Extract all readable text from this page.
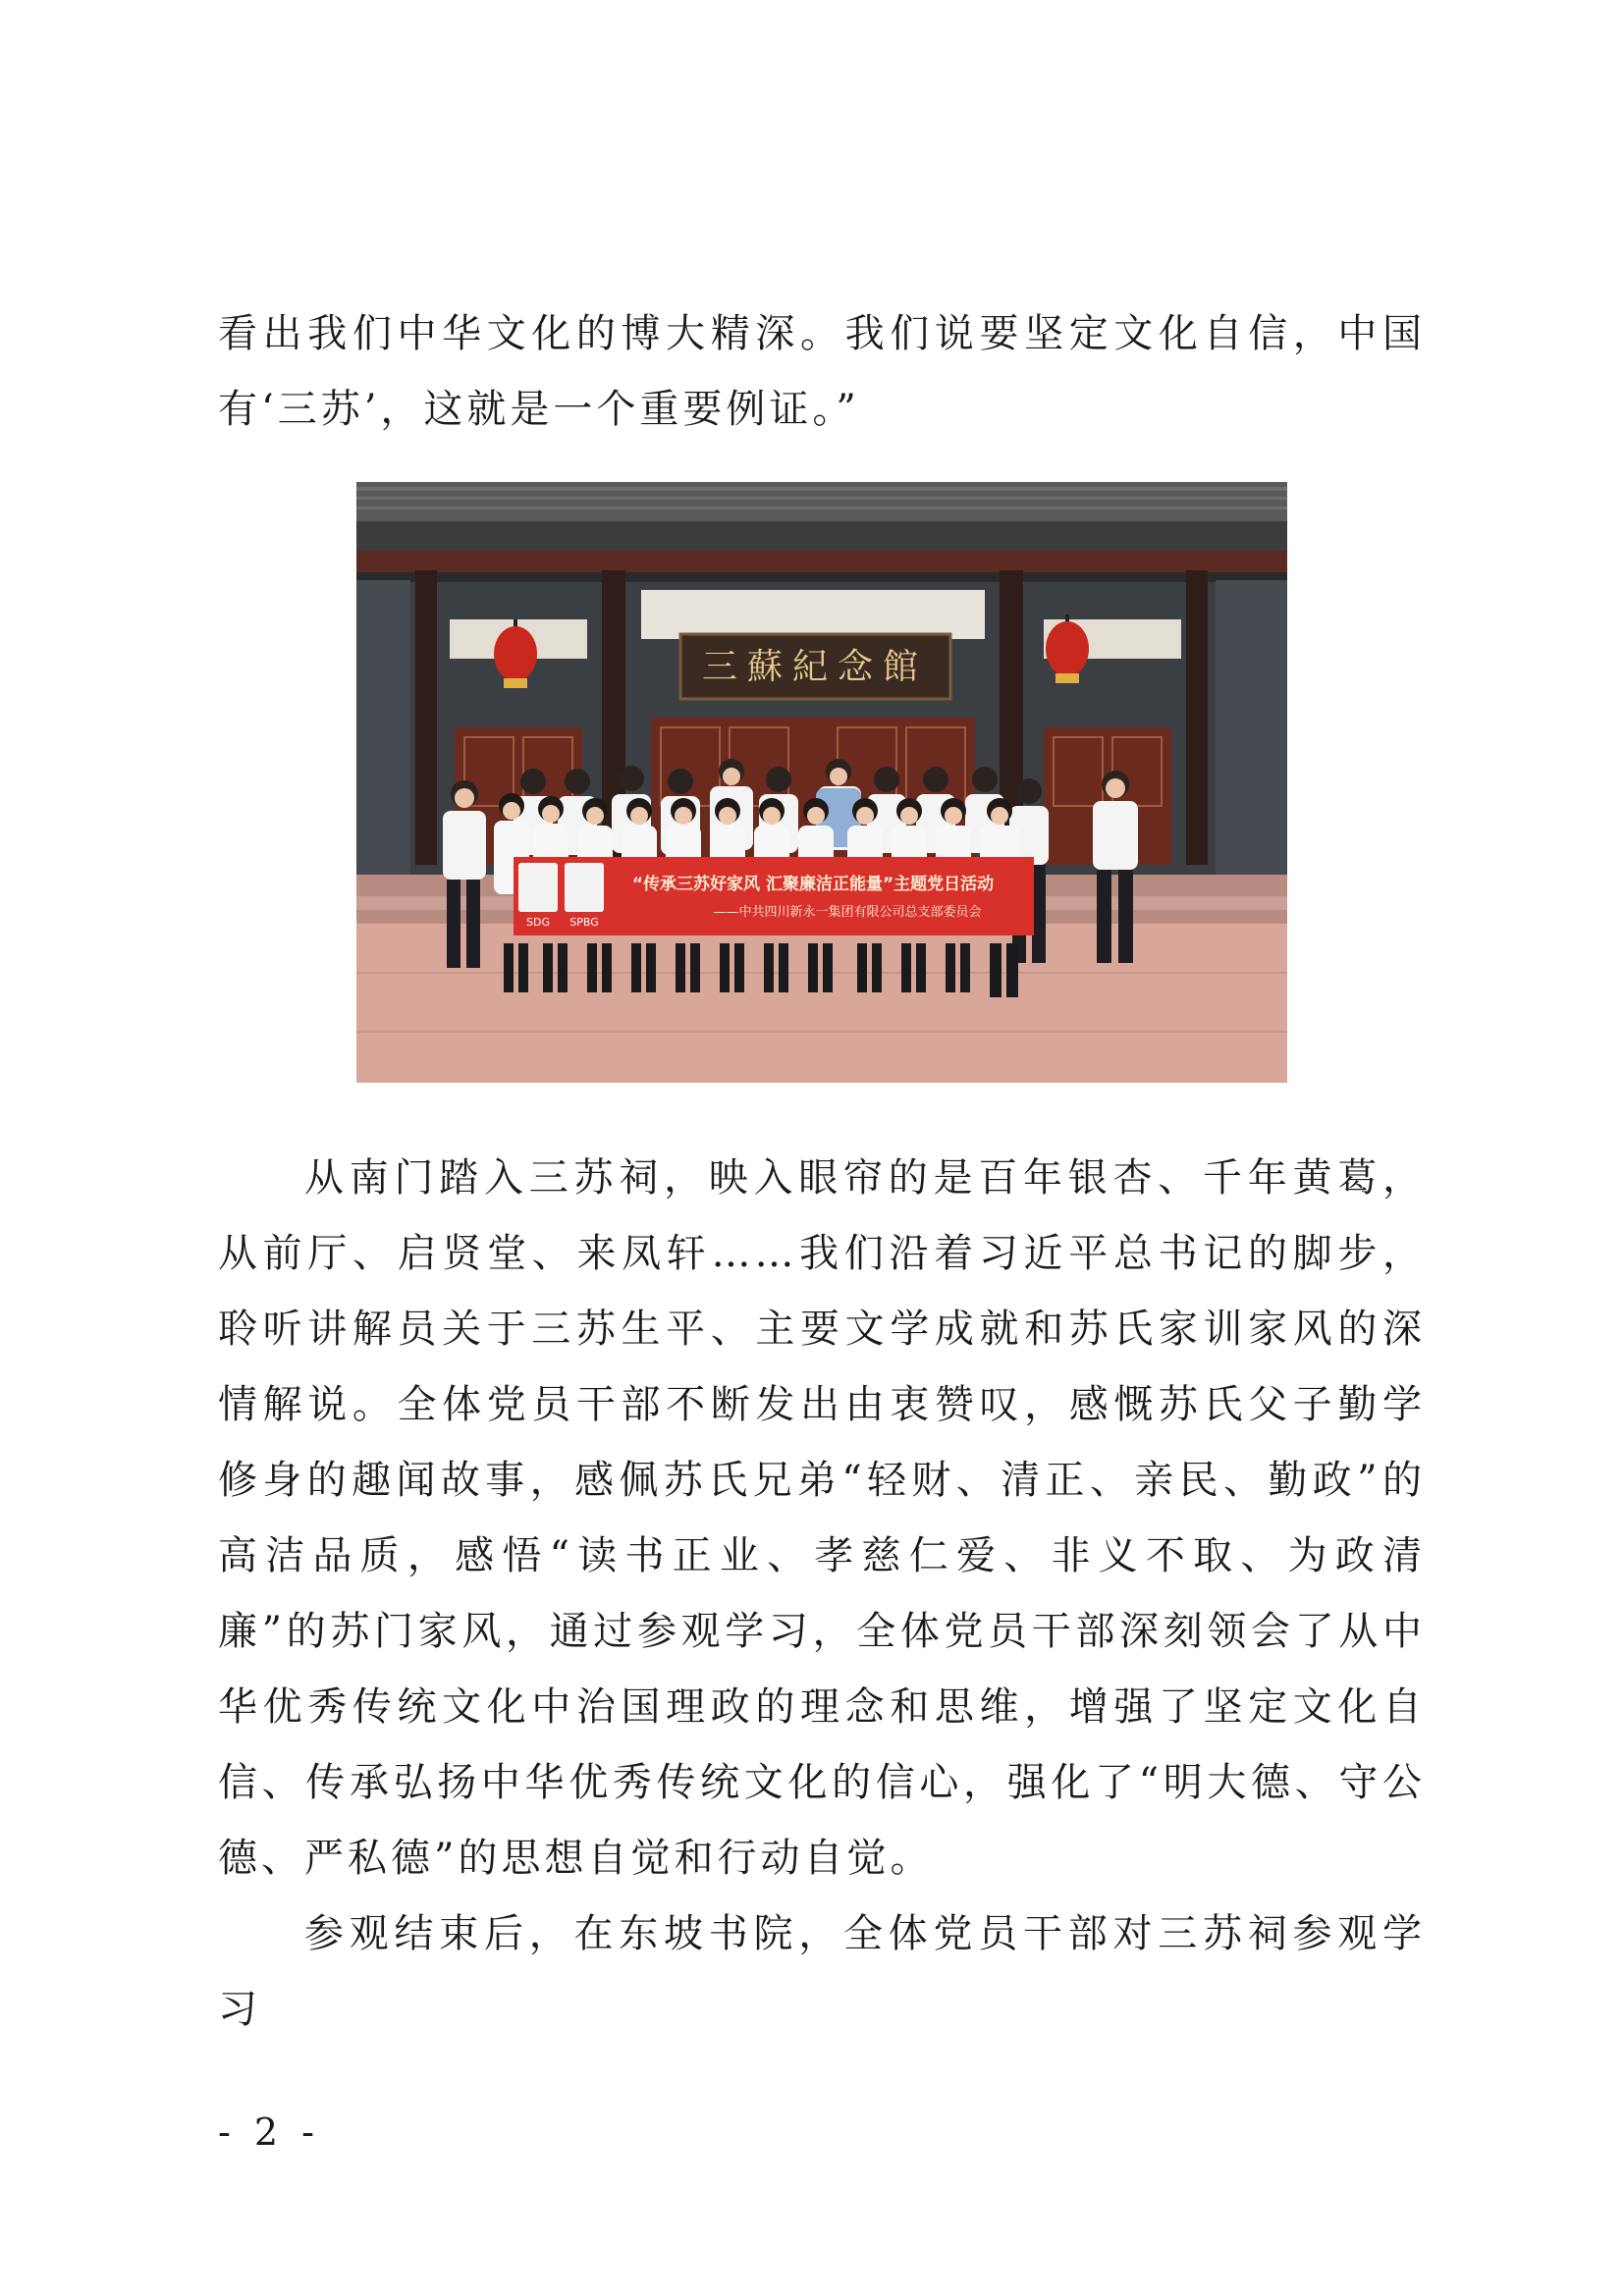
看出我们中华文化的博大精深。我们说要坚定文化自信，中国有‘三苏’，这就是一个重要例证。”

三蘇紀念館
SDG SPBG
“传承三苏好家风 汇聚廉洁正能量”主题党日活动
——中共四川新永一集团有限公司总支部委员会

从南门踏入三苏祠，映入眼帘的是百年银杏、千年黄葛，从前厅、启贤堂、来凤轩……我们沿着习近平总书记的脚步，聆听讲解员关于三苏生平、主要文学成就和苏氏家训家风的深情解说。全体党员干部不断发出由衷赞叹，感慨苏氏父子勤学修身的趣闻故事，感佩苏氏兄弟“轻财、清正、亲民、勤政”的高洁品质，感悟“读书正业、孝慈仁爱、非义不取、为政清廉”的苏门家风，通过参观学习，全体党员干部深刻领会了从中华优秀传统文化中治国理政的理念和思维，增强了坚定文化自信、传承弘扬中华优秀传统文化的信心，强化了“明大德、守公德、严私德”的思想自觉和行动自觉。

参观结束后，在东坡书院，全体党员干部对三苏祠参观学习

- 2 -
